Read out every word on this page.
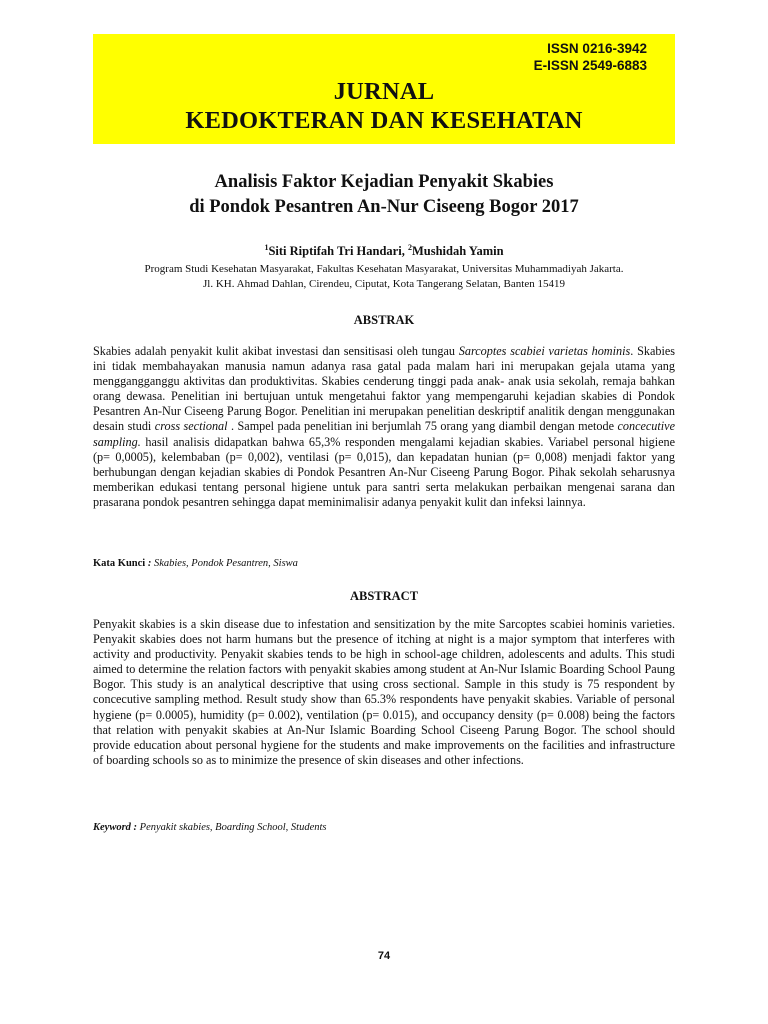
ISSN 0216-3942
E-ISSN 2549-6883
JURNAL
KEDOKTERAN DAN KESEHATAN
Analisis Faktor Kejadian Penyakit Skabies
di Pondok Pesantren An-Nur Ciseeng Bogor 2017
$^1$Siti Riptifah Tri Handari, $^2$Mushidah Yamin
Program Studi Kesehatan Masyarakat, Fakultas Kesehatan Masyarakat, Universitas Muhammadiyah Jakarta.
Jl. KH. Ahmad Dahlan, Cirendeu, Ciputat, Kota Tangerang Selatan, Banten 15419
ABSTRAK
Skabies adalah penyakit kulit akibat investasi dan sensitisasi oleh tungau Sarcoptes scabiei varietas hominis. Skabies ini tidak membahayakan manusia namun adanya rasa gatal pada malam hari ini merupakan gejala utama yang menggangganggu aktivitas dan produktivitas. Skabies cenderung tinggi pada anak- anak usia sekolah, remaja bahkan orang dewasa. Penelitian ini bertujuan untuk mengetahui faktor yang mempengaruhi kejadian skabies di Pondok Pesantren An-Nur Ciseeng Parung Bogor. Penelitian ini merupakan penelitian deskriptif analitik dengan menggunakan desain studi cross sectional . Sampel pada penelitian ini berjumlah 75 orang yang diambil dengan metode concecutive sampling. hasil analisis didapatkan bahwa 65,3% responden mengalami kejadian skabies. Variabel personal higiene (p= 0,0005), kelembaban (p= 0,002), ventilasi (p= 0,015), dan kepadatan hunian (p= 0,008) menjadi faktor yang berhubungan dengan kejadian skabies di Pondok Pesantren An-Nur Ciseeng Parung Bogor. Pihak sekolah seharusnya memberikan edukasi tentang personal higiene untuk para santri serta melakukan perbaikan mengenai sarana dan prasarana pondok pesantren sehingga dapat meminimalisir adanya penyakit kulit dan infeksi lainnya.
Kata Kunci : Skabies, Pondok Pesantren, Siswa
ABSTRACT
Penyakit skabies is a skin disease due to infestation and sensitization by the mite Sarcoptes scabiei hominis varieties. Penyakit skabies does not harm humans but the presence of itching at night is a major symptom that interferes with activity and productivity. Penyakit skabies tends to be high in school-age children, adolescents and adults. This studi aimed to determine the relation factors with penyakit skabies among student at An-Nur Islamic Boarding School Paung Bogor. This study is an analytical descriptive that using cross sectional. Sample in this study is 75 respondent by concecutive sampling method. Result study show than 65.3% respondents have penyakit skabies. Variable of personal hygiene (p= 0.0005), humidity (p= 0.002), ventilation (p= 0.015), and occupancy density (p= 0.008) being the factors that relation with penyakit skabies at An-Nur Islamic Boarding School Ciseeng Parung Bogor. The school should provide education about personal hygiene for the students and make improvements on the facilities and infrastructure of boarding schools so as to minimize the presence of skin diseases and other infections.
Keyword : Penyakit skabies, Boarding School, Students
74
